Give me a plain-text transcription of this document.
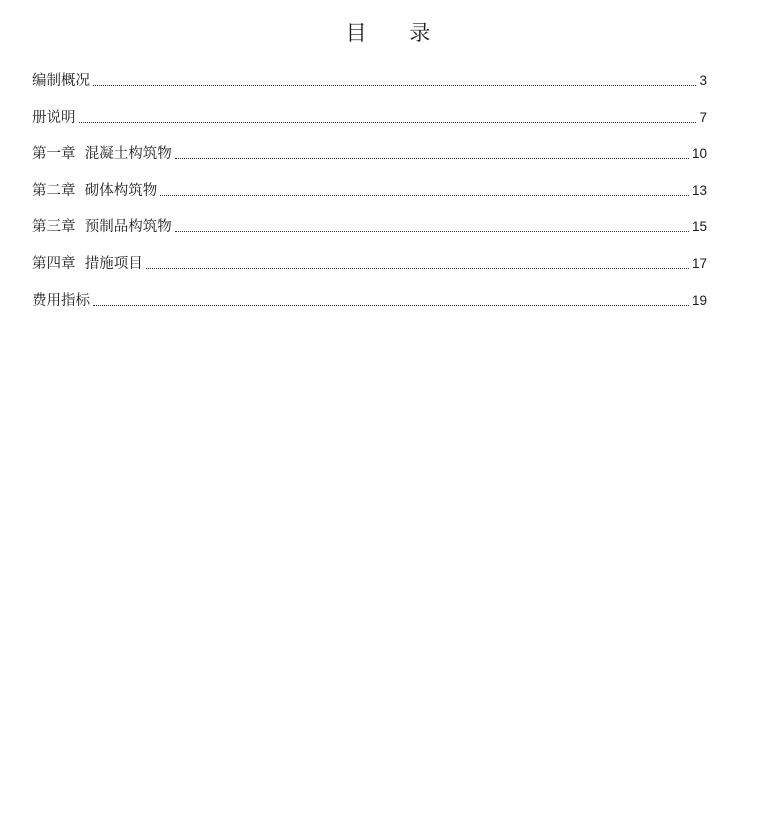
目 录
编制概况	3
册说明	7
第一章  混凝土构筑物	10
第二章  砌体构筑物	13
第三章  预制品构筑物	15
第四章  措施项目	17
费用指标	19
